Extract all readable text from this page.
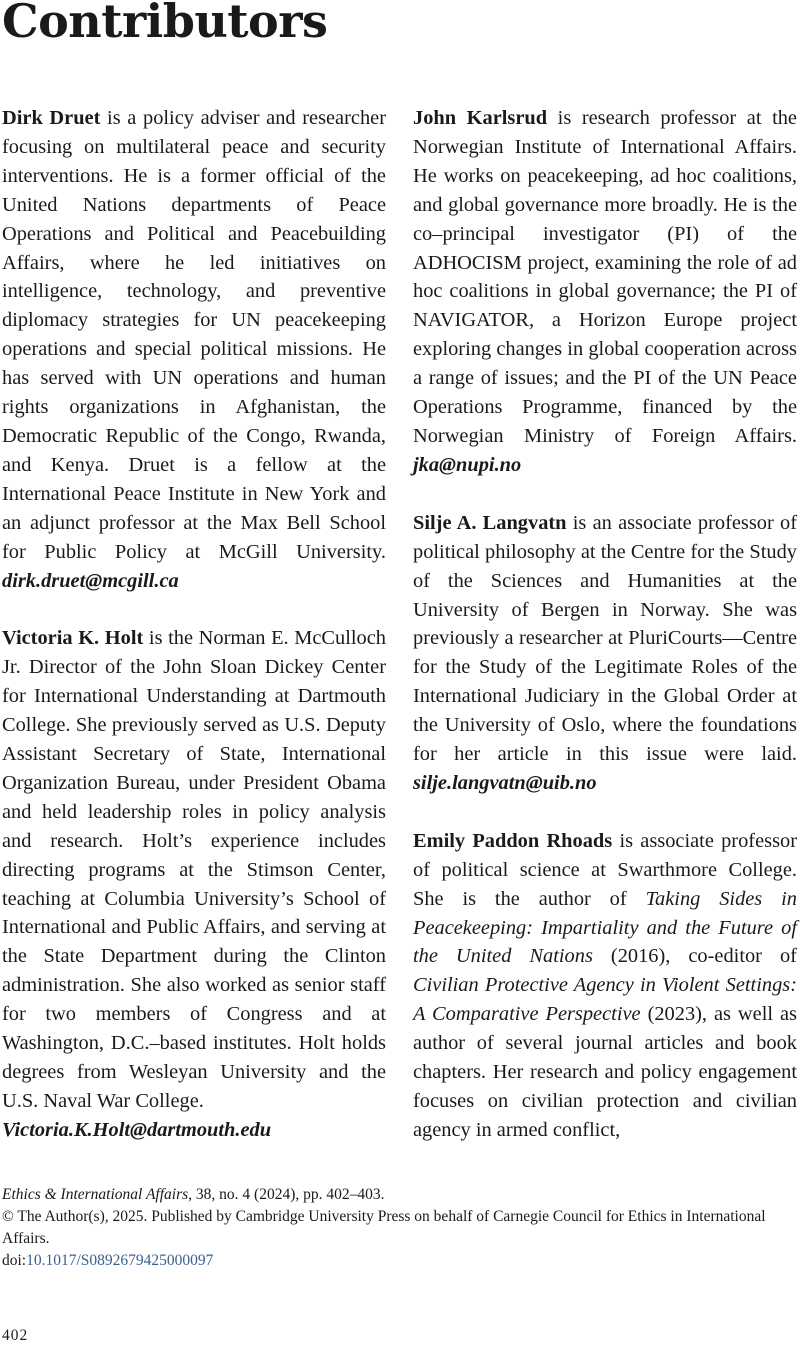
Contributors

Dirk Druet is a policy adviser and researcher focusing on multilateral peace and security interventions. He is a former official of the United Nations departments of Peace Operations and Political and Peacebuilding Affairs, where he led initiatives on intelligence, technology, and preventive diplomacy strategies for UN peacekeeping operations and special political missions. He has served with UN operations and human rights organizations in Afghanistan, the Democratic Republic of the Congo, Rwanda, and Kenya. Druet is a fellow at the International Peace Institute in New York and an adjunct professor at the Max Bell School for Public Policy at McGill University. dirk.druet@mcgill.ca

Victoria K. Holt is the Norman E. McCulloch Jr. Director of the John Sloan Dickey Center for International Understanding at Dartmouth College. She previously served as U.S. Deputy Assistant Secretary of State, International Organization Bureau, under President Obama and held leadership roles in policy analysis and research. Holt’s experience includes directing programs at the Stimson Center, teaching at Columbia University’s School of International and Public Affairs, and serving at the State Department during the Clinton administration. She also worked as senior staff for two members of Congress and at Washington, D.C.–based institutes. Holt holds degrees from Wesleyan University and the U.S. Naval War College.
Victoria.K.Holt@dartmouth.edu

John Karlsrud is research professor at the Norwegian Institute of International Affairs. He works on peacekeeping, ad hoc coalitions, and global governance more broadly. He is the co–principal investigator (PI) of the ADHOCISM project, examining the role of ad hoc coalitions in global governance; the PI of NAVIGATOR, a Horizon Europe project exploring changes in global cooperation across a range of issues; and the PI of the UN Peace Operations Programme, financed by the Norwegian Ministry of Foreign Affairs. jka@nupi.no

Silje A. Langvatn is an associate professor of political philosophy at the Centre for the Study of the Sciences and Humanities at the University of Bergen in Norway. She was previously a researcher at PluriCourts—Centre for the Study of the Legitimate Roles of the International Judiciary in the Global Order at the University of Oslo, where the foundations for her article in this issue were laid. silje.langvatn@uib.no

Emily Paddon Rhoads is associate professor of political science at Swarthmore College. She is the author of Taking Sides in Peacekeeping: Impartiality and the Future of the United Nations (2016), co-editor of Civilian Protective Agency in Violent Settings: A Comparative Perspective (2023), as well as author of several journal articles and book chapters. Her research and policy engagement focuses on civilian protection and civilian agency in armed conflict,

Ethics & International Affairs, 38, no. 4 (2024), pp. 402–403.
© The Author(s), 2025. Published by Cambridge University Press on behalf of Carnegie Council for Ethics in International Affairs.
doi:10.1017/S0892679425000097
402
